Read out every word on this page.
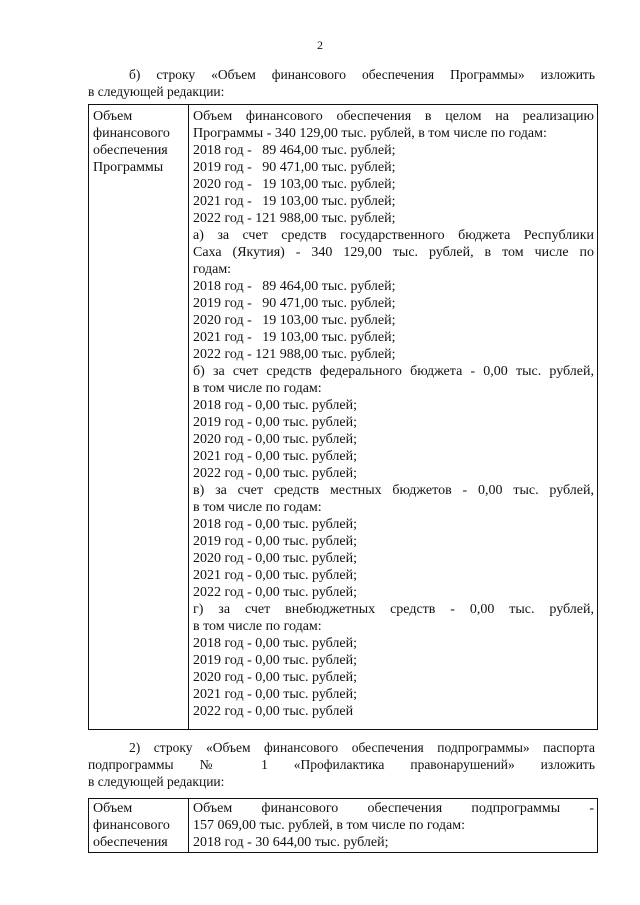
2
б) строку «Объем финансового обеспечения Программы» изложить
в следующей редакции:
Объем
финансового
обеспечения
Программы

Объем финансового обеспечения в целом на реализацию
Программы - 340 129,00 тыс. рублей, в том числе по годам:
2018 год -   89 464,00 тыс. рублей;
2019 год -   90 471,00 тыс. рублей;
2020 год -   19 103,00 тыс. рублей;
2021 год -   19 103,00 тыс. рублей;
2022 год - 121 988,00 тыс. рублей;
а) за счет средств государственного бюджета Республики
Саха (Якутия) - 340 129,00 тыс. рублей, в том числе по
годам:
2018 год -   89 464,00 тыс. рублей;
2019 год -   90 471,00 тыс. рублей;
2020 год -   19 103,00 тыс. рублей;
2021 год -   19 103,00 тыс. рублей;
2022 год - 121 988,00 тыс. рублей;
б) за счет средств федерального бюджета - 0,00 тыс. рублей,
в том числе по годам:
2018 год - 0,00 тыс. рублей;
2019 год - 0,00 тыс. рублей;
2020 год - 0,00 тыс. рублей;
2021 год - 0,00 тыс. рублей;
2022 год - 0,00 тыс. рублей;
в) за счет средств местных бюджетов - 0,00 тыс. рублей,
в том числе по годам:
2018 год - 0,00 тыс. рублей;
2019 год - 0,00 тыс. рублей;
2020 год - 0,00 тыс. рублей;
2021 год - 0,00 тыс. рублей;
2022 год - 0,00 тыс. рублей;
г) за счет внебюджетных средств - 0,00 тыс. рублей,
в том числе по годам:
2018 год - 0,00 тыс. рублей;
2019 год - 0,00 тыс. рублей;
2020 год - 0,00 тыс. рублей;
2021 год - 0,00 тыс. рублей;
2022 год - 0,00 тыс. рублей
2) строку «Объем финансового обеспечения подпрограммы» паспорта
подпрограммы № 1 «Профилактика правонарушений» изложить
в следующей редакции:
Объем
финансового
обеспечения

Объем финансового обеспечения подпрограммы -
157 069,00 тыс. рублей, в том числе по годам:
2018 год - 30 644,00 тыс. рублей;
